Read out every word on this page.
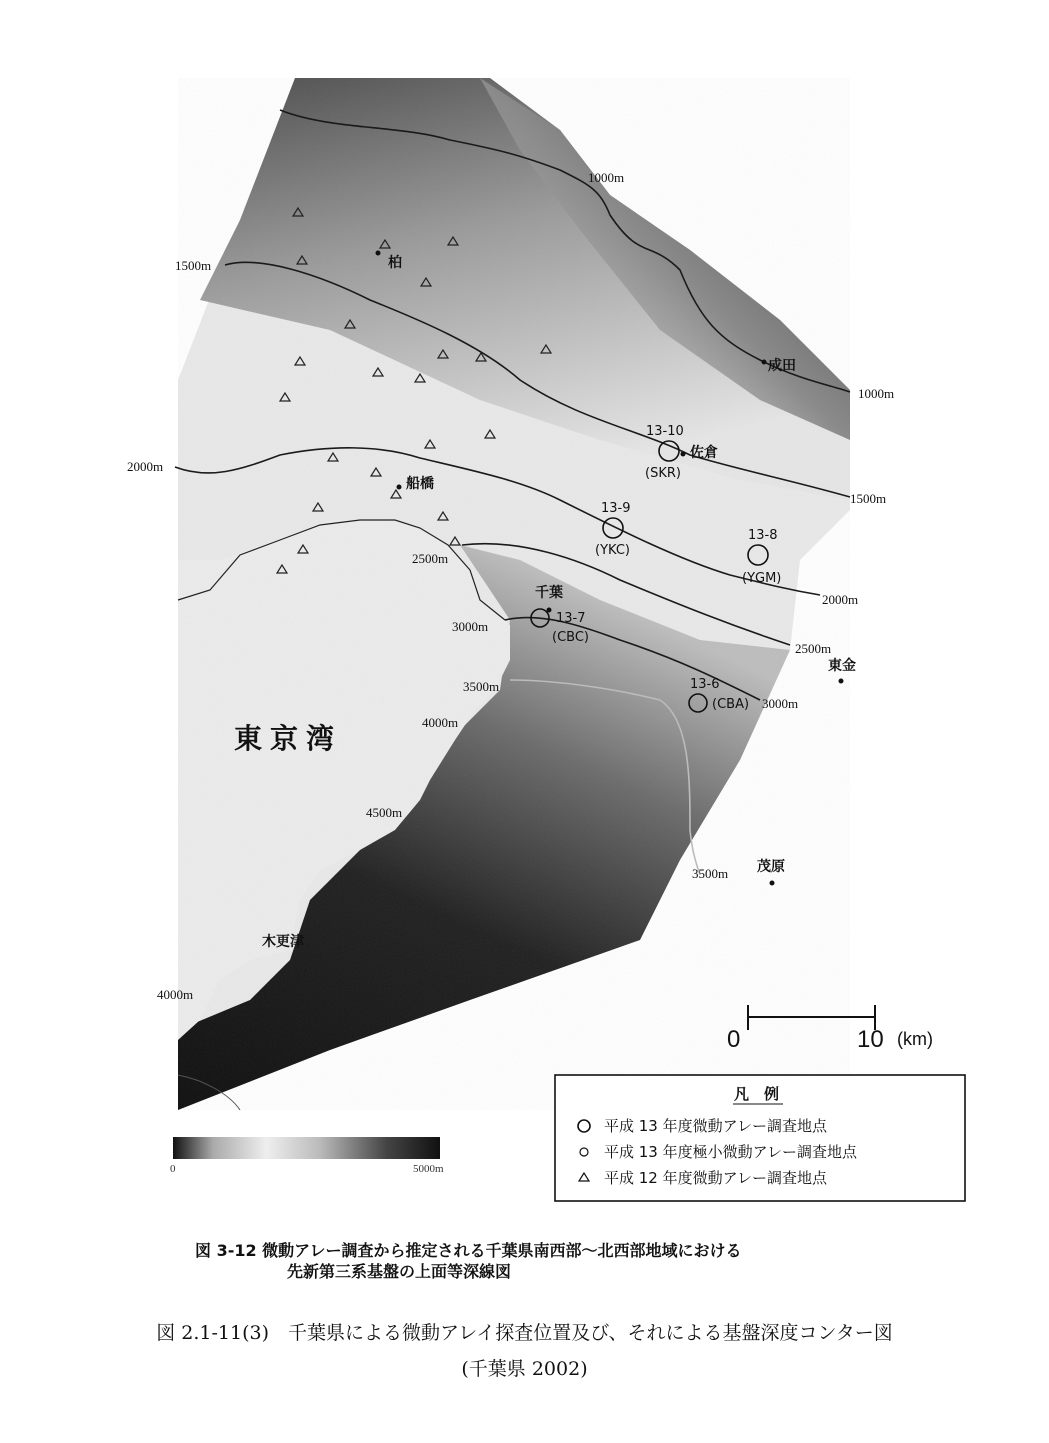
1000m
1000m
1500m
1500m
2000m
2000m
2500m
2500m
3000m
3000m
3500m
3500m
4000m
4500m
4000m
柏
船橋
佐倉
成田
千葉
東金
茂原
木更津
東京湾
13-10
(SKR)
13-9
(YKC)
13-8
(YGM)
13-7
(CBC)
13-6
(CBA)
0	10 (km)
凡　例
平成 13 年度微動アレー調査地点
平成 13 年度極小微動アレー調査地点
平成 12 年度微動アレー調査地点
0	5000m
図 3-12 微動アレー調査から推定される千葉県南西部〜北西部地域における
先新第三系基盤の上面等深線図
図 2.1-11(3)　千葉県による微動アレイ探査位置及び、それによる基盤深度コンター図
(千葉県 2002)
